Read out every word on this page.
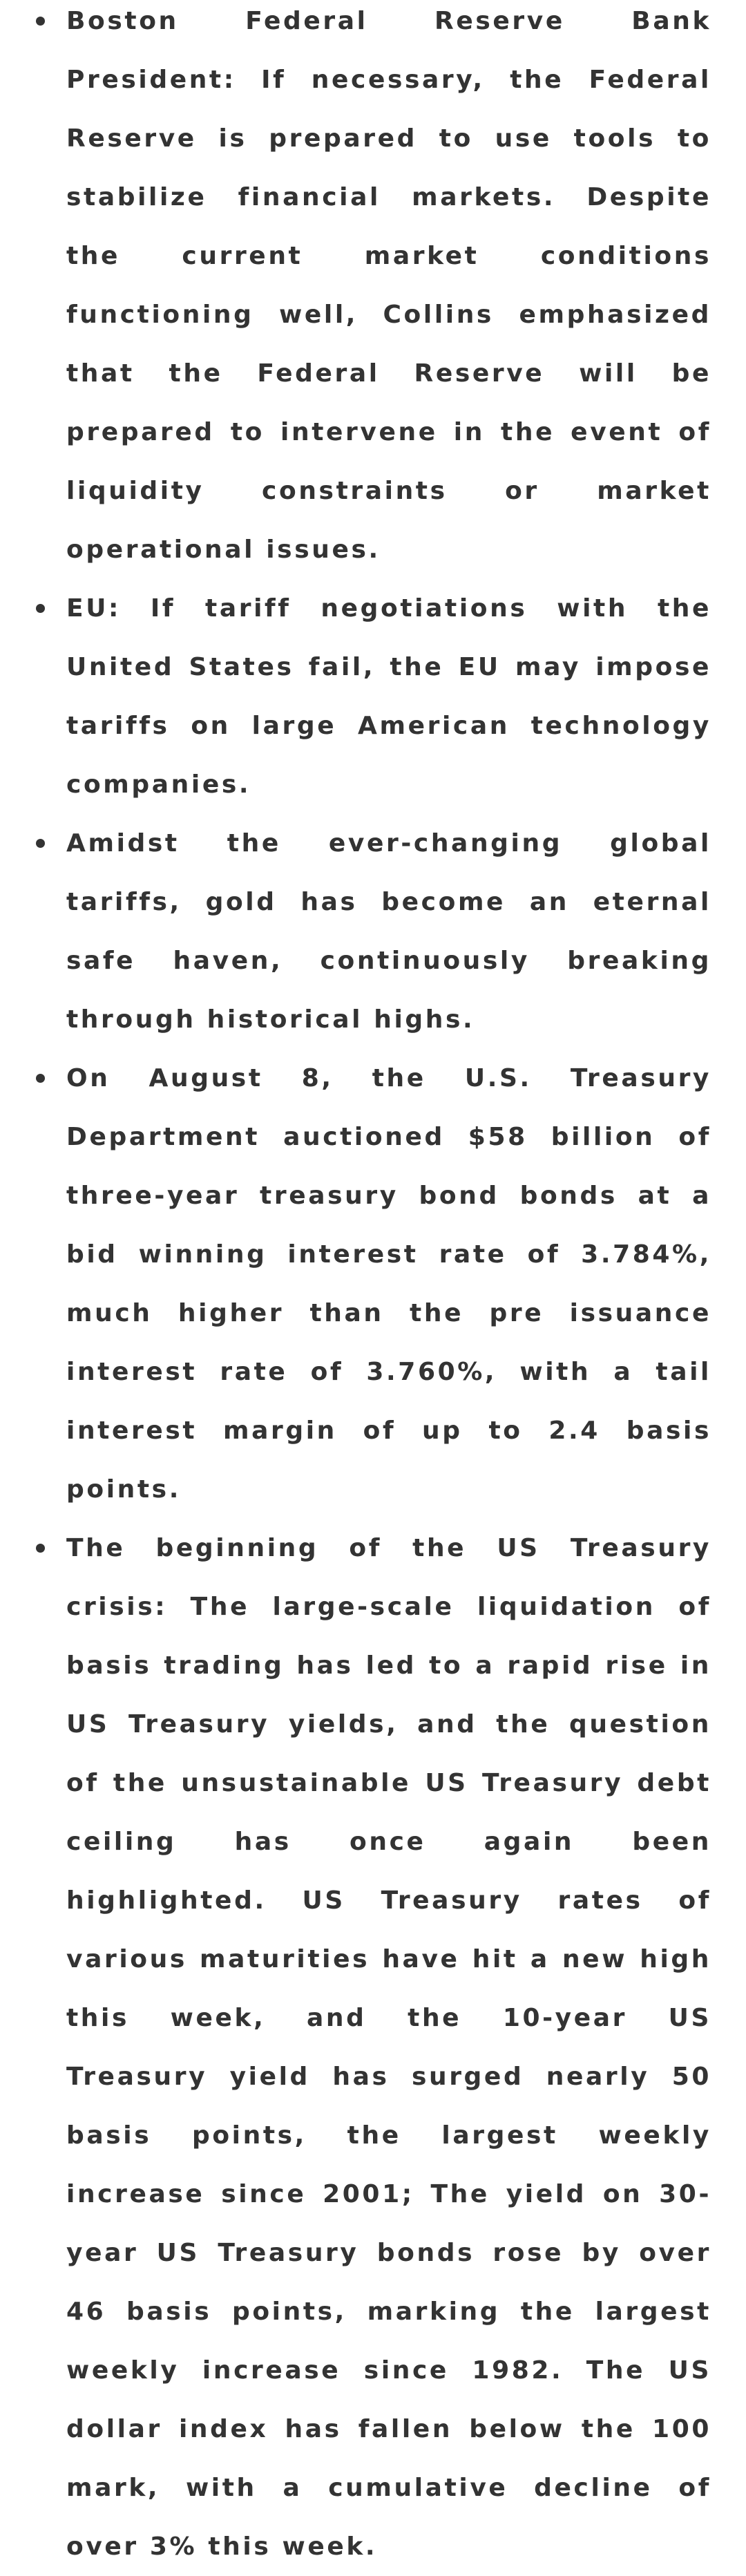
Boston Federal Reserve Bank President: If necessary, the Federal Reserve is prepared to use tools to stabilize financial markets. Despite the current market conditions functioning well, Collins emphasized that the Federal Reserve will be prepared to intervene in the event of liquidity constraints or market operational issues.
EU: If tariff negotiations with the United States fail, the EU may impose tariffs on large American technology companies.
Amidst the ever-changing global tariffs, gold has become an eternal safe haven, continuously breaking through historical highs.
On August 8, the U.S. Treasury Department auctioned $58 billion of three-year treasury bond bonds at a bid winning interest rate of 3.784%, much higher than the pre issuance interest rate of 3.760%, with a tail interest margin of up to 2.4 basis points.
The beginning of the US Treasury crisis: The large-scale liquidation of basis trading has led to a rapid rise in US Treasury yields, and the question of the unsustainable US Treasury debt ceiling has once again been highlighted. US Treasury rates of various maturities have hit a new high this week, and the 10-year US Treasury yield has surged nearly 50 basis points, the largest weekly increase since 2001; The yield on 30-year US Treasury bonds rose by over 46 basis points, marking the largest weekly increase since 1982. The US dollar index has fallen below the 100 mark, with a cumulative decline of over 3% this week.
